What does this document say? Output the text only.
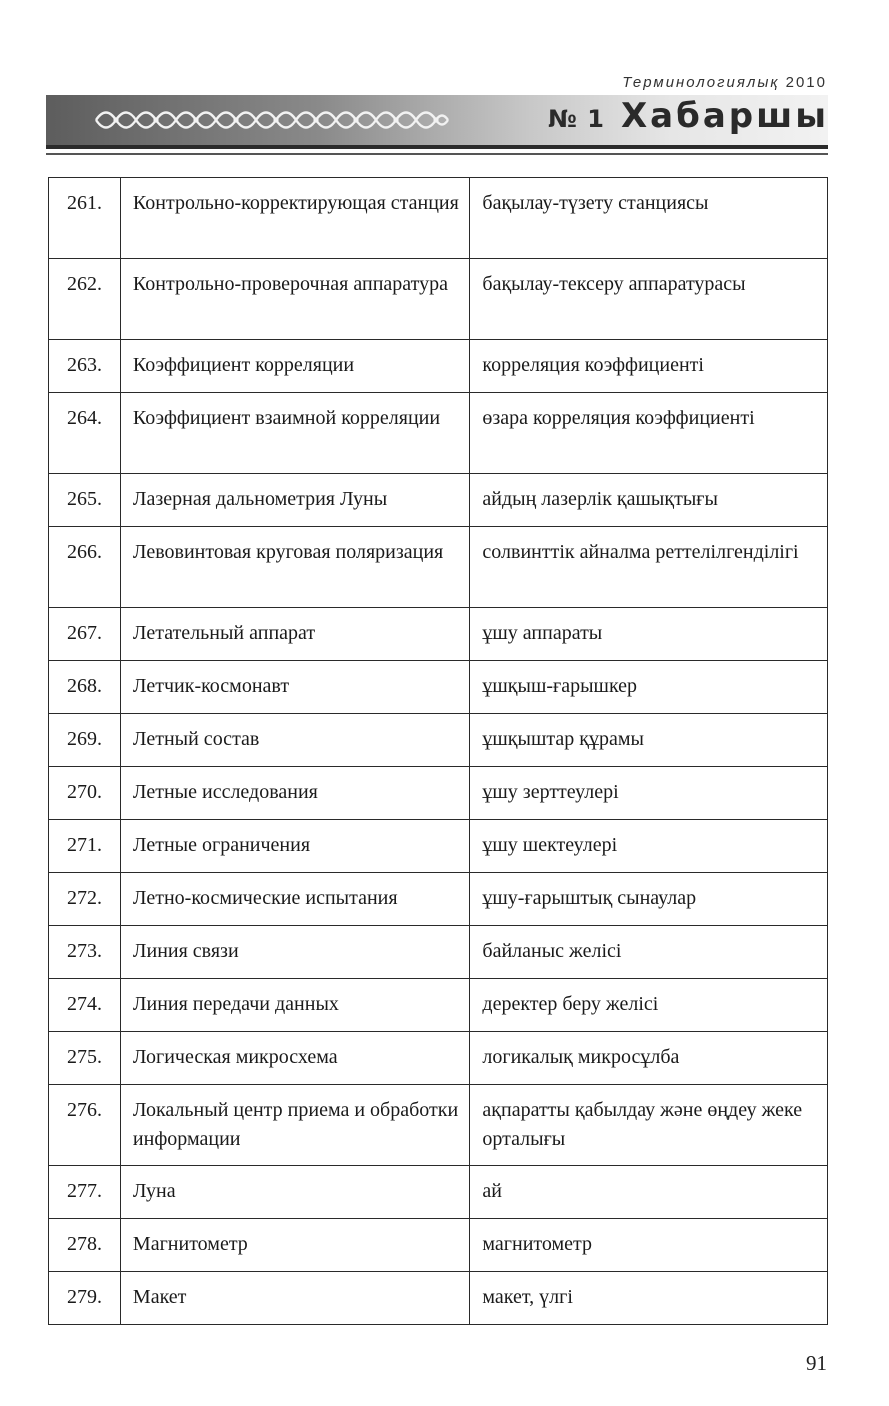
Терминологиялық 2010
№ 1 Хабаршы
261.	Контрольно-корректирующая станция	бақылау-түзету станциясы
262.	Контрольно-проверочная аппаратура	бақылау-тексеру аппаратурасы
263.	Коэффициент корреляции	корреляция коэффициенті
264.	Коэффициент взаимной корреляции	өзара корреляция коэффициенті
265.	Лазерная дальнометрия Луны	айдың лазерлік қашықтығы
266.	Левовинтовая круговая поляризация	солвинттік айналма реттелілгенділігі
267.	Летательный аппарат	ұшу аппараты
268.	Летчик-космонавт	ұшқыш-ғарышкер
269.	Летный состав	ұшқыштар құрамы
270.	Летные исследования	ұшу зерттеулері
271.	Летные ограничения	ұшу шектеулері
272.	Летно-космические испытания	ұшу-ғарыштық сынаулар
273.	Линия связи	байланыс желісі
274.	Линия передачи данных	деректер беру желісі
275.	Логическая микросхема	логикалық микросұлба
276.	Локальный центр приема и обработки информации	ақпаратты қабылдау және өңдеу жеке орталығы
277.	Луна	ай
278.	Магнитометр	магнитометр
279.	Макет	макет, үлгі
91
